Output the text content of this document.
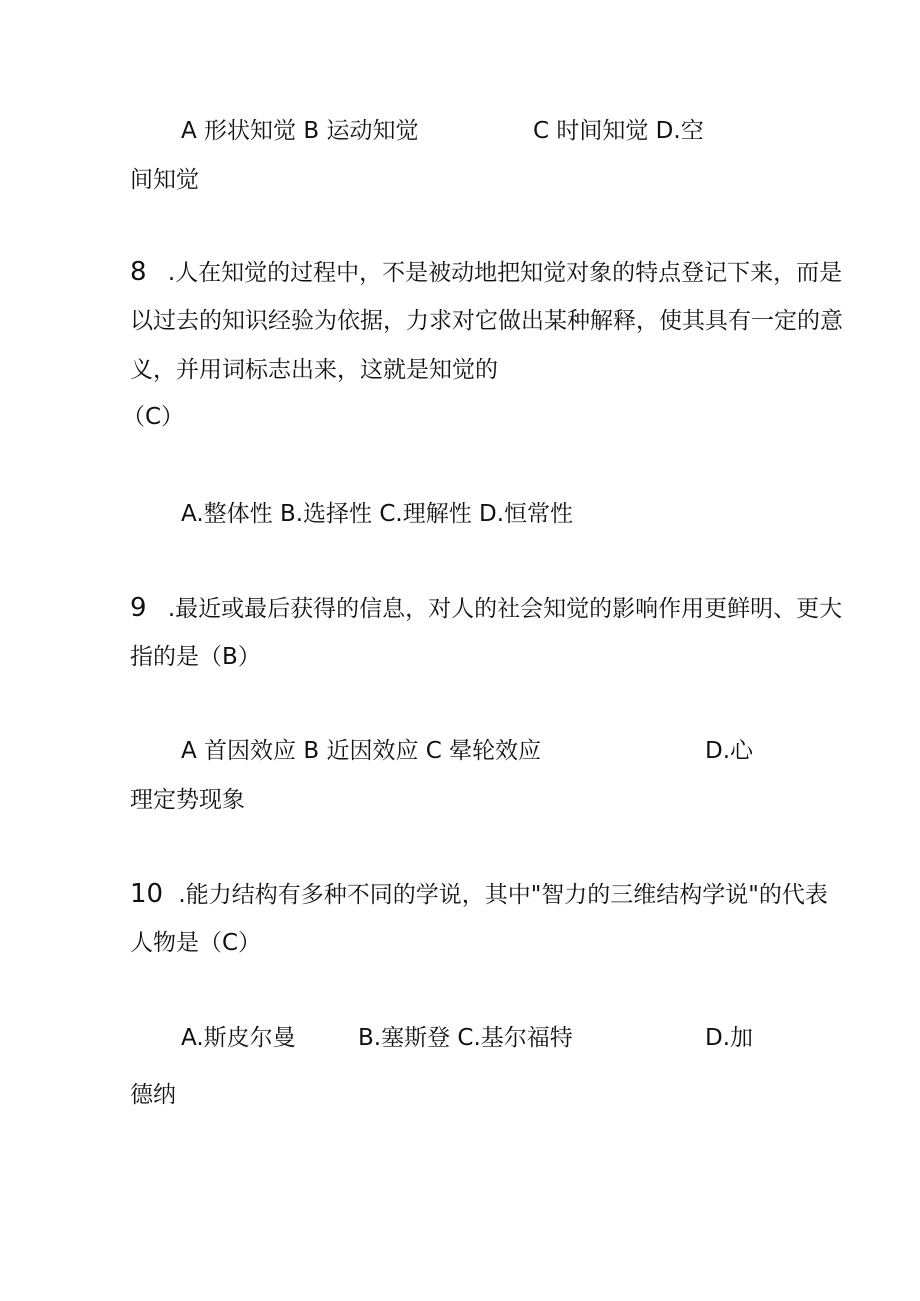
A 形状知觉 B 运动知觉	C 时间知觉 D.空
间知觉
8 .人在知觉的过程中，不是被动地把知觉对象的特点登记下来，而是
以过去的知识经验为依据，力求对它做出某种解释，使其具有一定的意
义，并用词标志出来，这就是知觉的
（C）
A.整体性 B.选择性 C.理解性 D.恒常性
9 .最近或最后获得的信息，对人的社会知觉的影响作用更鲜明、更大
指的是（B）
A 首因效应 B 近因效应 C 晕轮效应	D.心
理定势现象
10 .能力结构有多种不同的学说，其中"智力的三维结构学说"的代表
人物是（C）
A.斯皮尔曼	B.塞斯登 C.基尔福特	D.加
德纳
